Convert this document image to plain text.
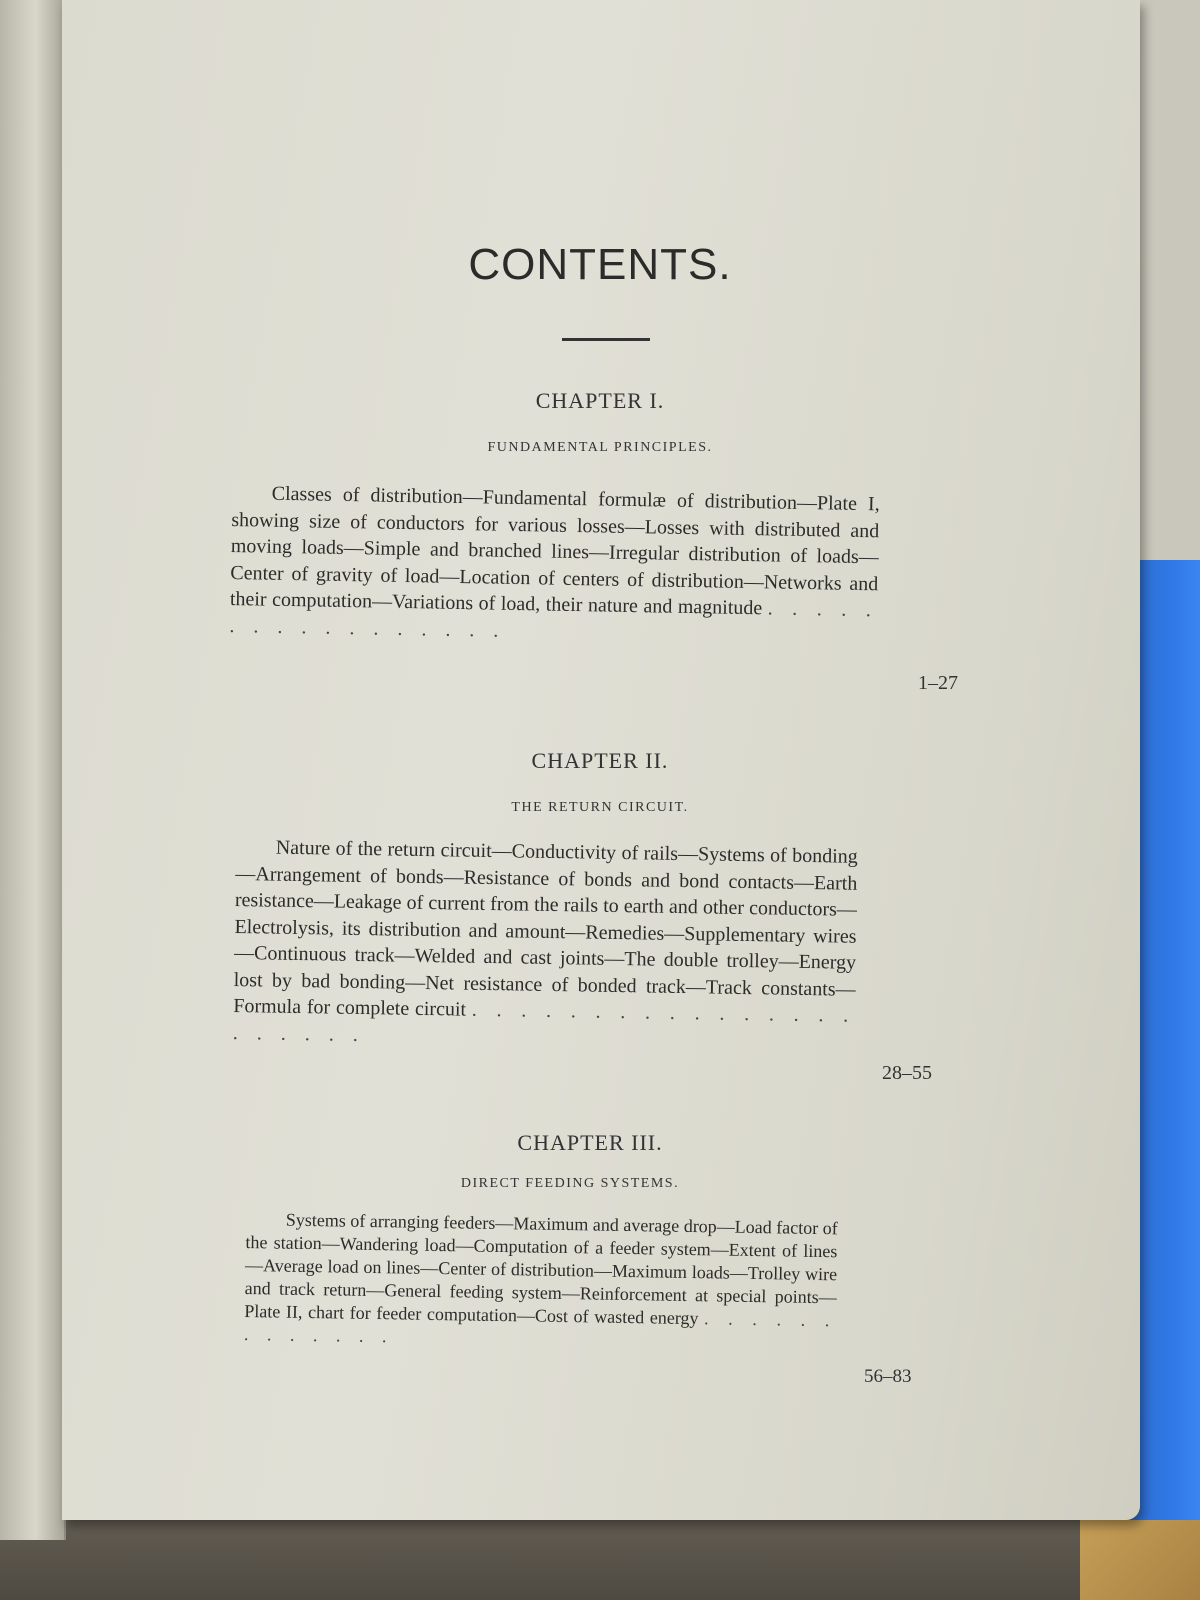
CONTENTS.
CHAPTER I.
FUNDAMENTAL PRINCIPLES.
Classes of distribution—Fundamental formulæ of distribution—Plate I, showing size of conductors for various losses—Losses with distributed and moving loads—Simple and branched lines—Irregular distribution of loads—Center of gravity of load—Location of centers of distribution—Networks and their computation—Variations of load, their nature and magnitude . . . . . . . . . . . . . . . . .
1–27
CHAPTER II.
THE RETURN CIRCUIT.
Nature of the return circuit—Conductivity of rails—Systems of bonding—Arrangement of bonds—Resistance of bonds and bond contacts—Earth resistance—Leakage of current from the rails to earth and other conductors—Electrolysis, its distribution and amount—Remedies—Supplementary wires—Continuous track—Welded and cast joints—The double trolley—Energy lost by bad bonding—Net resistance of bonded track—Track constants—Formula for complete circuit . . . . . . . . . . . . . . . . . . . . . .
28–55
CHAPTER III.
DIRECT FEEDING SYSTEMS.
Systems of arranging feeders—Maximum and average drop—Load factor of the station—Wandering load—Computation of a feeder system—Extent of lines—Average load on lines—Center of distribution—Maximum loads—Trolley wire and track return—General feeding system—Reinforcement at special points—Plate II, chart for feeder computation—Cost of wasted energy . . . . . . . . . . . . .
56–83
